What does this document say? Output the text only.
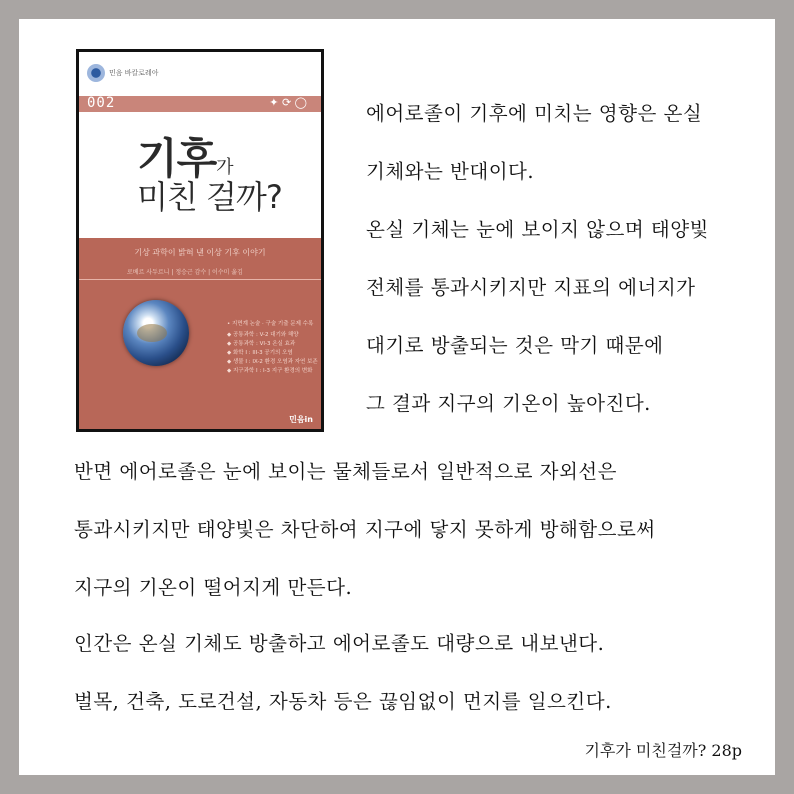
민음 바칼로레아
002	✦ ⟳ ◯
기후가
미친 걸까?
기상 과학이 밝혀 낸 이상 기후 이야기
로베르 사두르니 | 정승근 감수 | 이수미 옮김
• 지면계 논술 · 구술 기출 문제 수록
◆ 공통과학 : V-2 대기와 해양
◆ 공통과학 : VI-3 온실 효과
◆ 화학 I : III-3 공기의 오염
◆ 생물 I : IX-2 환경 오염과 자연 보존
◆ 지구과학 I : I-3 지구 환경의 변화
민음in
에어로졸이 기후에 미치는 영향은 온실
기체와는 반대이다.
온실 기체는 눈에 보이지 않으며 태양빛
전체를 통과시키지만 지표의 에너지가
대기로 방출되는 것은 막기 때문에
그 결과 지구의 기온이 높아진다.
반면 에어로졸은 눈에 보이는 물체들로서 일반적으로 자외선은
통과시키지만 태양빛은 차단하여 지구에 닿지 못하게 방해함으로써
지구의 기온이 떨어지게 만든다.
인간은 온실 기체도 방출하고 에어로졸도 대량으로 내보낸다.
벌목, 건축, 도로건설, 자동차 등은 끊임없이 먼지를 일으킨다.
기후가 미친걸까? 28p
